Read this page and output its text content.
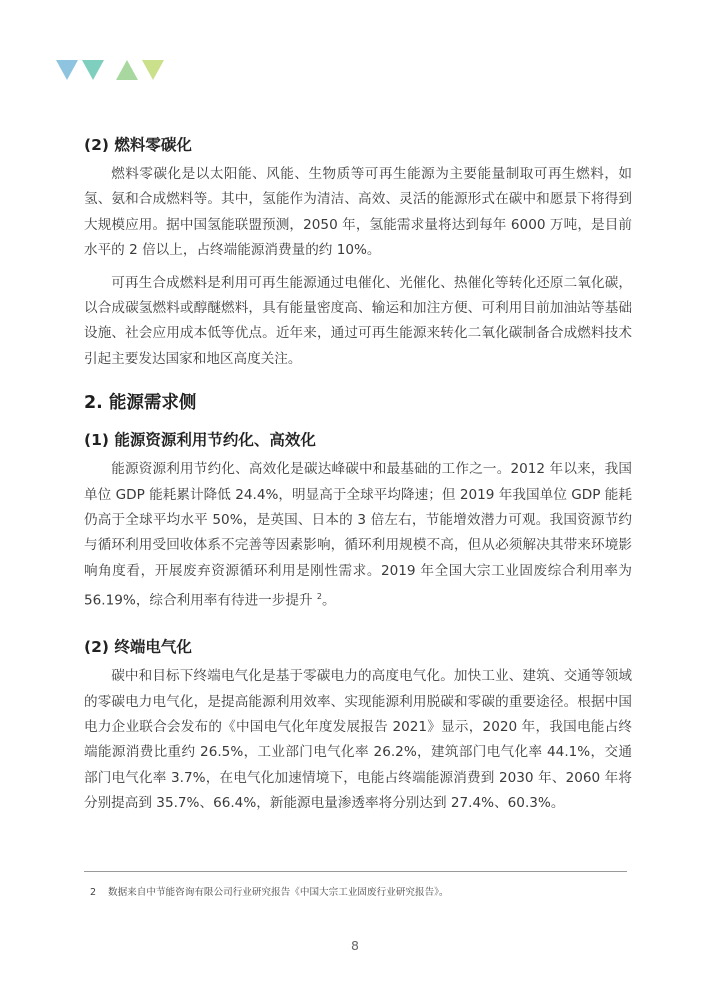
(2) 燃料零碳化

燃料零碳化是以太阳能、风能、生物质等可再生能源为主要能量制取可再生燃料，如氢、氨和合成燃料等。其中，氢能作为清洁、高效、灵活的能源形式在碳中和愿景下将得到大规模应用。据中国氢能联盟预测，2050 年，氢能需求量将达到每年 6000 万吨，是目前水平的 2 倍以上，占终端能源消费量的约 10%。

可再生合成燃料是利用可再生能源通过电催化、光催化、热催化等转化还原二氧化碳，以合成碳氢燃料或醇醚燃料，具有能量密度高、输运和加注方便、可利用目前加油站等基础设施、社会应用成本低等优点。近年来，通过可再生能源来转化二氧化碳制备合成燃料技术引起主要发达国家和地区高度关注。

2. 能源需求侧
(1) 能源资源利用节约化、高效化

能源资源利用节约化、高效化是碳达峰碳中和最基础的工作之一。2012 年以来，我国单位 GDP 能耗累计降低 24.4%，明显高于全球平均降速；但 2019 年我国单位 GDP 能耗仍高于全球平均水平 50%，是英国、日本的 3 倍左右，节能增效潜力可观。我国资源节约与循环利用受回收体系不完善等因素影响，循环利用规模不高，但从必须解决其带来环境影响角度看，开展废弃资源循环利用是刚性需求。2019 年全国大宗工业固废综合利用率为 56.19%，综合利用率有待进一步提升 $^2$。

(2) 终端电气化

碳中和目标下终端电气化是基于零碳电力的高度电气化。加快工业、建筑、交通等领域的零碳电力电气化，是提高能源利用效率、实现能源利用脱碳和零碳的重要途径。根据中国电力企业联合会发布的《中国电气化年度发展报告 2021》显示，2020 年，我国电能占终端能源消费比重约 26.5%，工业部门电气化率 26.2%，建筑部门电气化率 44.1%，交通部门电气化率 3.7%，在电气化加速情境下，电能占终端能源消费到 2030 年、2060 年将分别提高到 35.7%、66.4%，新能源电量渗透率将分别达到 27.4%、60.3%。

2 数据来自中节能咨询有限公司行业研究报告《中国大宗工业固废行业研究报告》。
8
